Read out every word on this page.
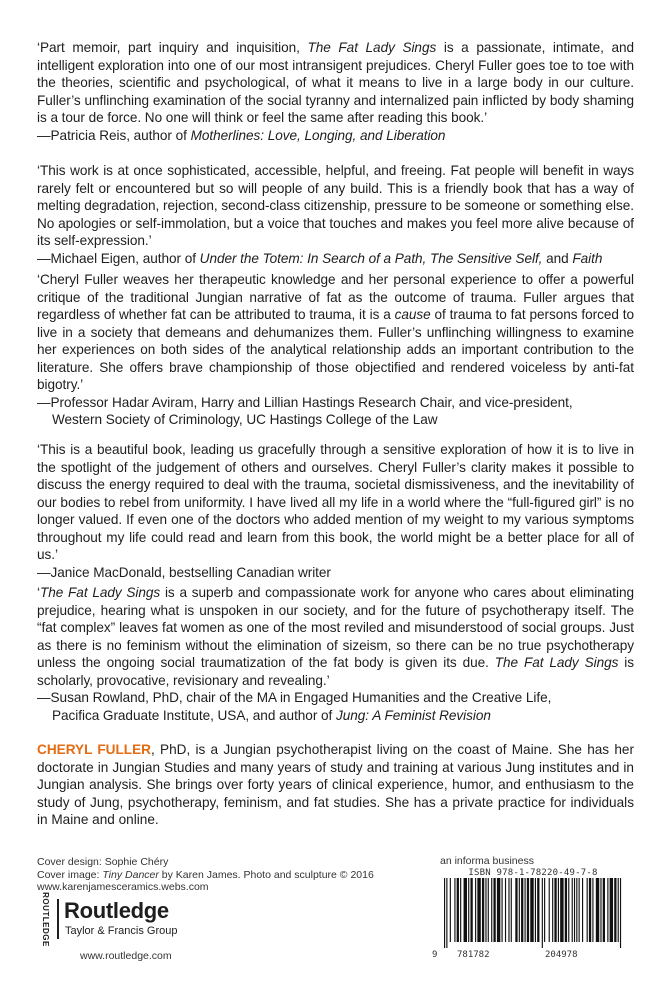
‘Part memoir, part inquiry and inquisition, The Fat Lady Sings is a passionate, intimate, and intelligent exploration into one of our most intransigent prejudices. Cheryl Fuller goes toe to toe with the theories, scientific and psychological, of what it means to live in a large body in our culture. Fuller’s unflinching examination of the social tyranny and internalized pain inflicted by body shaming is a tour de force. No one will think or feel the same after reading this book.’

—Patricia Reis, author of Motherlines: Love, Longing, and Liberation

‘This work is at once sophisticated, accessible, helpful, and freeing. Fat people will benefit in ways rarely felt or encountered but so will people of any build. This is a friendly book that has a way of melting degradation, rejection, second-class citizenship, pressure to be someone or something else. No apologies or self-immolation, but a voice that touches and makes you feel more alive because of its self-expression.’

—Michael Eigen, author of Under the Totem: In Search of a Path, The Sensitive Self, and Faith

‘Cheryl Fuller weaves her therapeutic knowledge and her personal experience to offer a powerful critique of the traditional Jungian narrative of fat as the outcome of trauma. Fuller argues that regardless of whether fat can be attributed to trauma, it is a cause of trauma to fat persons forced to live in a society that demeans and dehumanizes them. Fuller’s unflinching willingness to examine her experiences on both sides of the analytical relationship adds an important contribution to the literature. She offers brave championship of those objectified and rendered voiceless by anti-fat bigotry.’

—Professor Hadar Aviram, Harry and Lillian Hastings Research Chair, and vice-president,

Western Society of Criminology, UC Hastings College of the Law

‘This is a beautiful book, leading us gracefully through a sensitive exploration of how it is to live in the spotlight of the judgement of others and ourselves. Cheryl Fuller’s clarity makes it possible to discuss the energy required to deal with the trauma, societal dismissiveness, and the inevitability of our bodies to rebel from uniformity. I have lived all my life in a world where the “full-figured girl” is no longer valued. If even one of the doctors who added mention of my weight to my various symptoms throughout my life could read and learn from this book, the world might be a better place for all of us.’

—Janice MacDonald, bestselling Canadian writer

‘The Fat Lady Sings is a superb and compassionate work for anyone who cares about eliminating prejudice, hearing what is unspoken in our society, and for the future of psychotherapy itself. The “fat complex” leaves fat women as one of the most reviled and misunderstood of social groups. Just as there is no feminism without the elimination of sizeism, so there can be no true psychotherapy unless the ongoing social traumatization of the fat body is given its due. The Fat Lady Sings is scholarly, provocative, revisionary and revealing.’

—Susan Rowland, PhD, chair of the MA in Engaged Humanities and the Creative Life,

Pacifica Graduate Institute, USA, and author of Jung: A Feminist Revision

CHERYL FULLER, PhD, is a Jungian psychotherapist living on the coast of Maine. She has her doctorate in Jungian Studies and many years of study and training at various Jung institutes and in Jungian analysis. She brings over forty years of clinical experience, humor, and enthusiasm to the study of Jung, psychotherapy, feminism, and fat studies. She has a private practice for individuals in Maine and online.
Cover design: Sophie Chéry
Cover image: Tiny Dancer by Karen James. Photo and sculpture © 2016
www.karenjamesceramics.webs.com
ROUTLEDGE Routledge
Taylor & Francis Group
www.routledge.com
an informa business
ISBN 978-1-78220-49-7-8
9 781782	204978
